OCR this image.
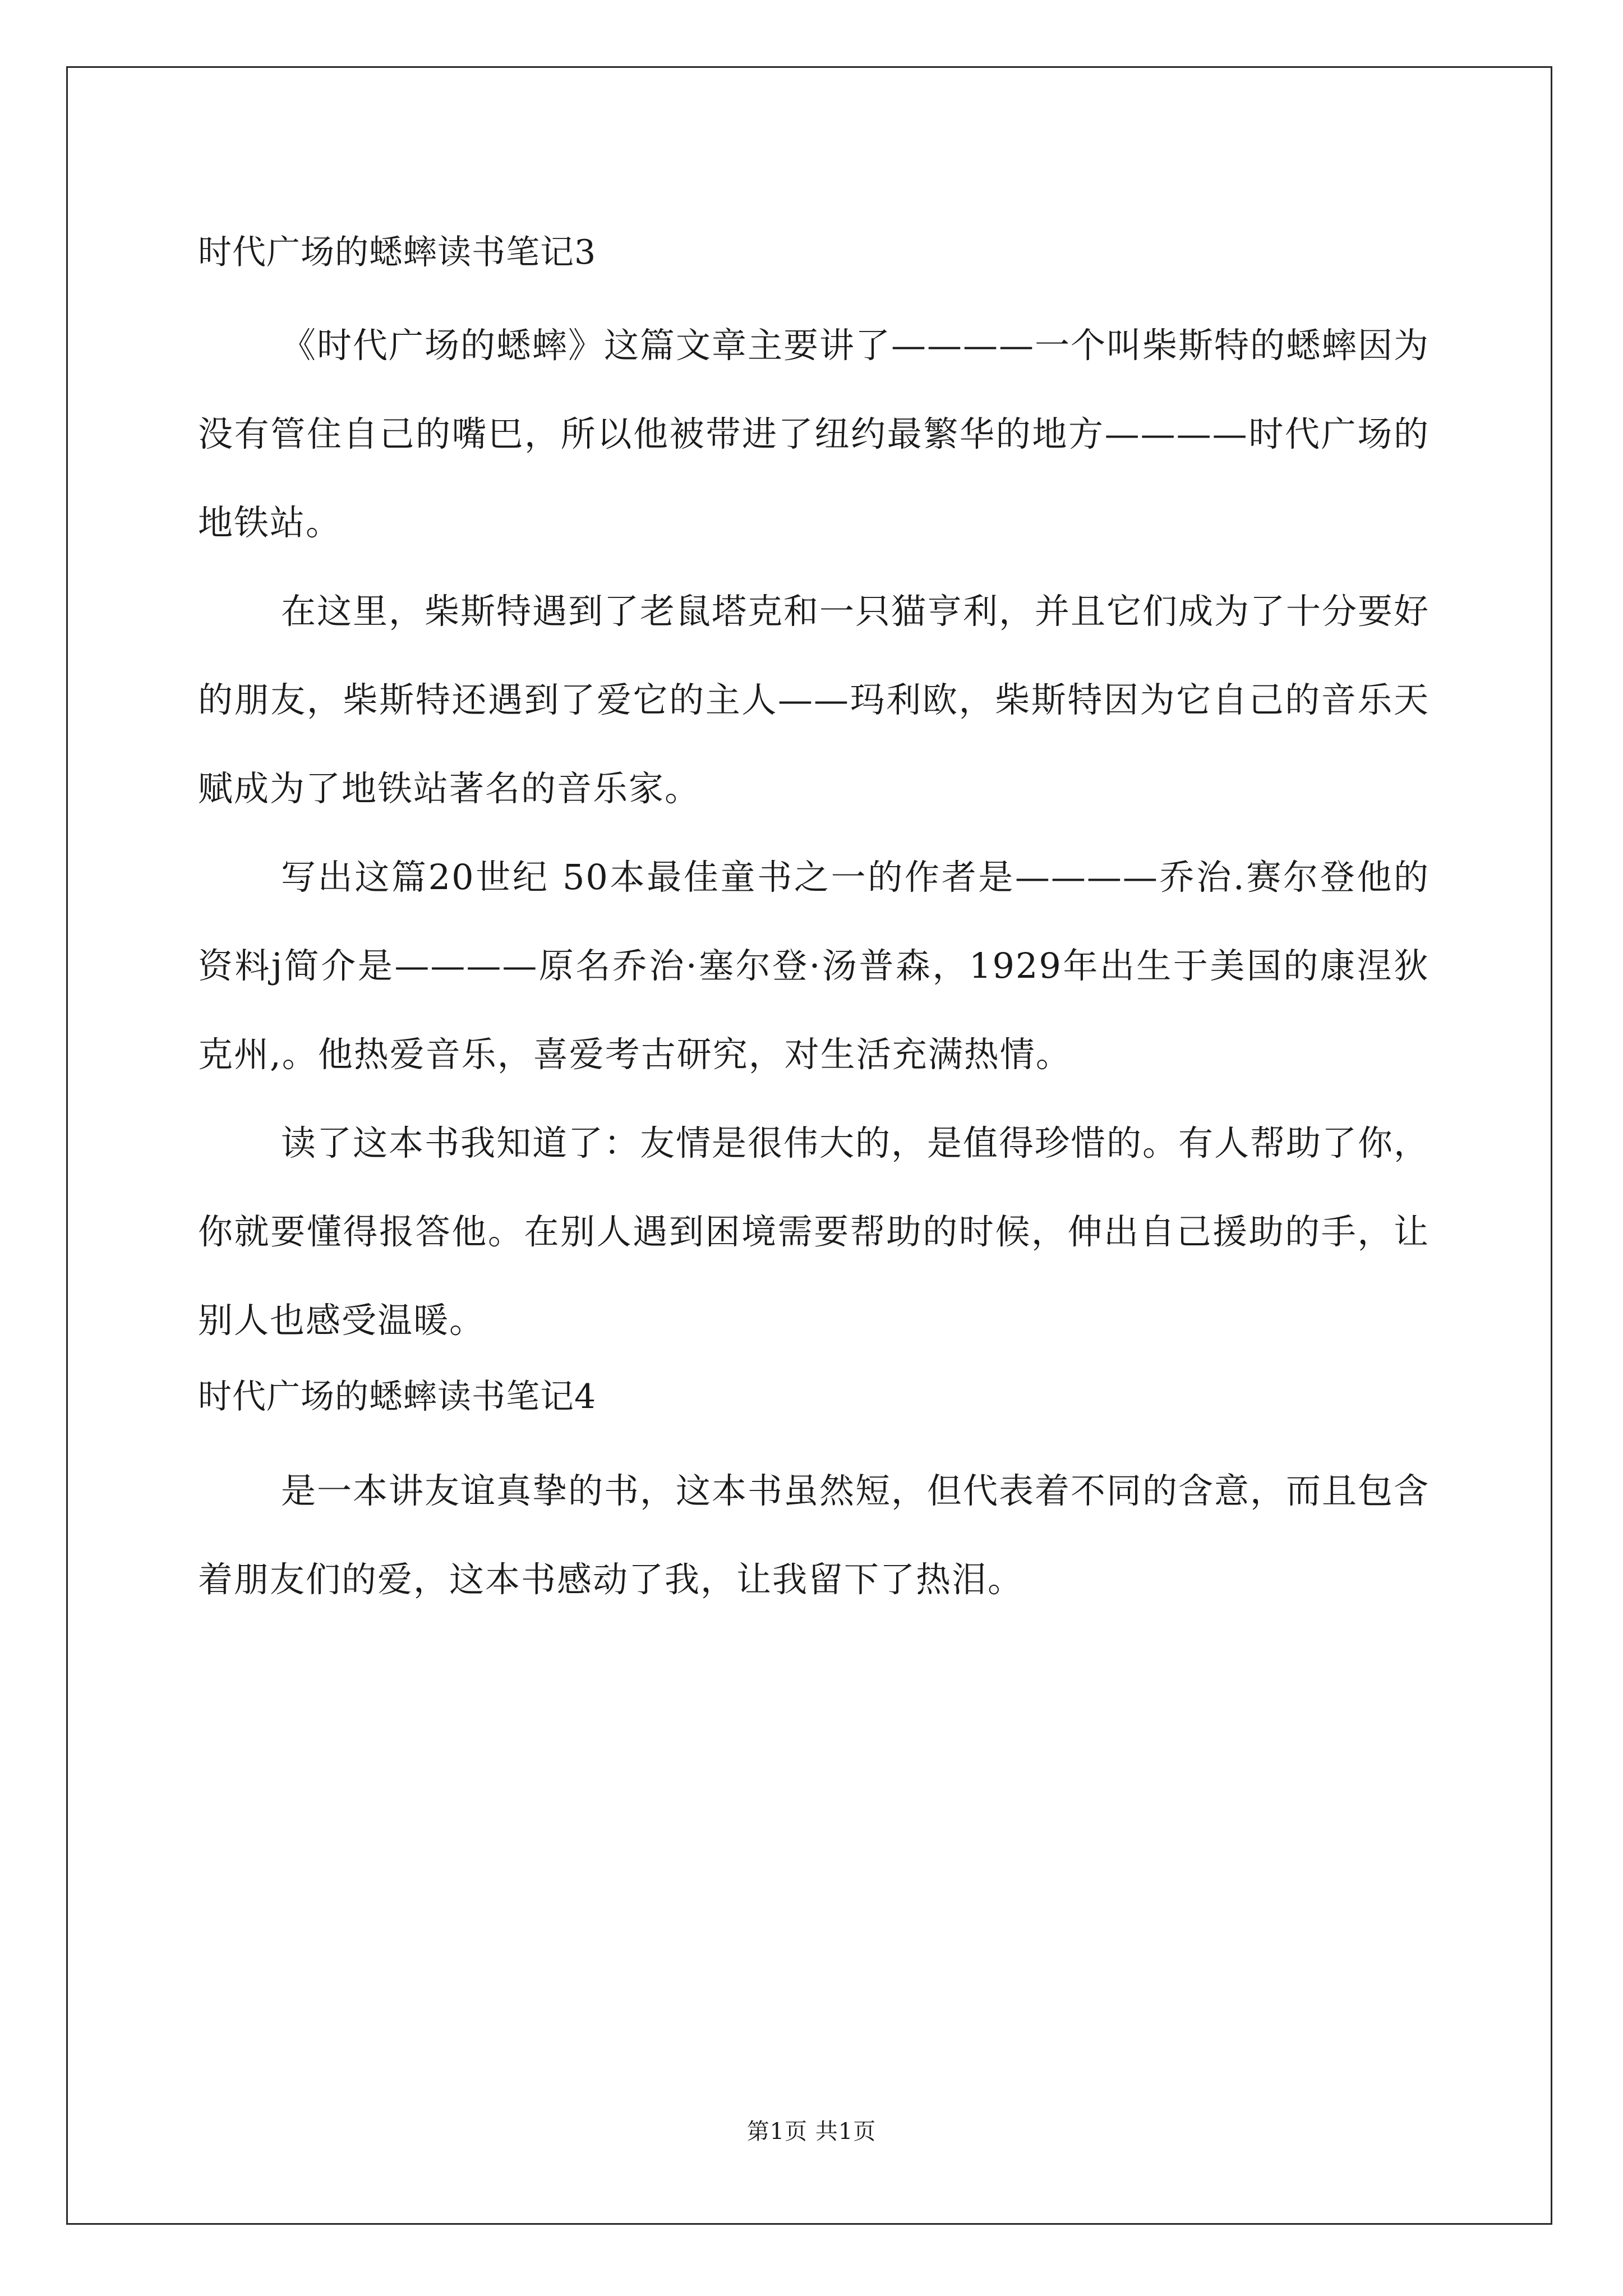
时代广场的蟋蟀读书笔记3

《时代广场的蟋蟀》这篇文章主要讲了————一个叫柴斯特的蟋蟀因为没有管住自己的嘴巴，所以他被带进了纽约最繁华的地方————时代广场的地铁站。

在这里，柴斯特遇到了老鼠塔克和一只猫亨利，并且它们成为了十分要好的朋友，柴斯特还遇到了爱它的主人——玛利欧，柴斯特因为它自己的音乐天赋成为了地铁站著名的音乐家。

写出这篇20世纪 50本最佳童书之一的作者是————乔治.赛尔登他的资料j简介是————原名乔治·塞尔登·汤普森，1929年出生于美国的康涅狄克州,。他热爱音乐，喜爱考古研究，对生活充满热情。

读了这本书我知道了：友情是很伟大的，是值得珍惜的。有人帮助了你，你就要懂得报答他。在别人遇到困境需要帮助的时候，伸出自己援助的手，让别人也感受温暖。

时代广场的蟋蟀读书笔记4

是一本讲友谊真挚的书，这本书虽然短，但代表着不同的含意，而且包含着朋友们的爱，这本书感动了我，让我留下了热泪。

第1页 共1页
